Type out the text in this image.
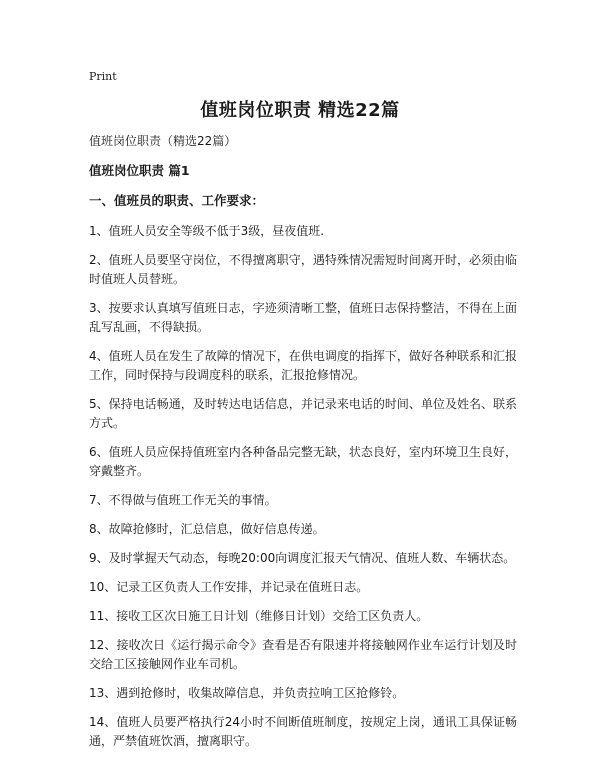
Print
值班岗位职责 精选22篇
值班岗位职责（精选22篇）
值班岗位职责 篇1
一、值班员的职责、工作要求：
1、值班人员安全等级不低于3级，昼夜值班.
2、值班人员要坚守岗位，不得擅离职守，遇特殊情况需短时间离开时，必须由临时值班人员替班。
3、按要求认真填写值班日志，字迹须清晰工整，值班日志保持整洁，不得在上面乱写乱画，不得缺损。
4、值班人员在发生了故障的情况下，在供电调度的指挥下，做好各种联系和汇报工作，同时保持与段调度科的联系，汇报抢修情况。
5、保持电话畅通，及时转达电话信息，并记录来电话的时间、单位及姓名、联系方式。
6、值班人员应保持值班室内各种备品完整无缺，状态良好，室内环境卫生良好，穿戴整齐。
7、不得做与值班工作无关的事情。
8、故障抢修时，汇总信息，做好信息传递。
9、及时掌握天气动态，每晚20:00向调度汇报天气情况、值班人数、车辆状态。
10、记录工区负责人工作安排，并记录在值班日志。
11、接收工区次日施工日计划（维修日计划）交给工区负责人。
12、接收次日《运行揭示命令》查看是否有限速并将接触网作业车运行计划及时交给工区接触网作业车司机。
13、遇到抢修时，收集故障信息，并负责拉响工区抢修铃。
14、值班人员要严格执行24小时不间断值班制度，按规定上岗，通讯工具保证畅通，严禁值班饮酒，擅离职守。
